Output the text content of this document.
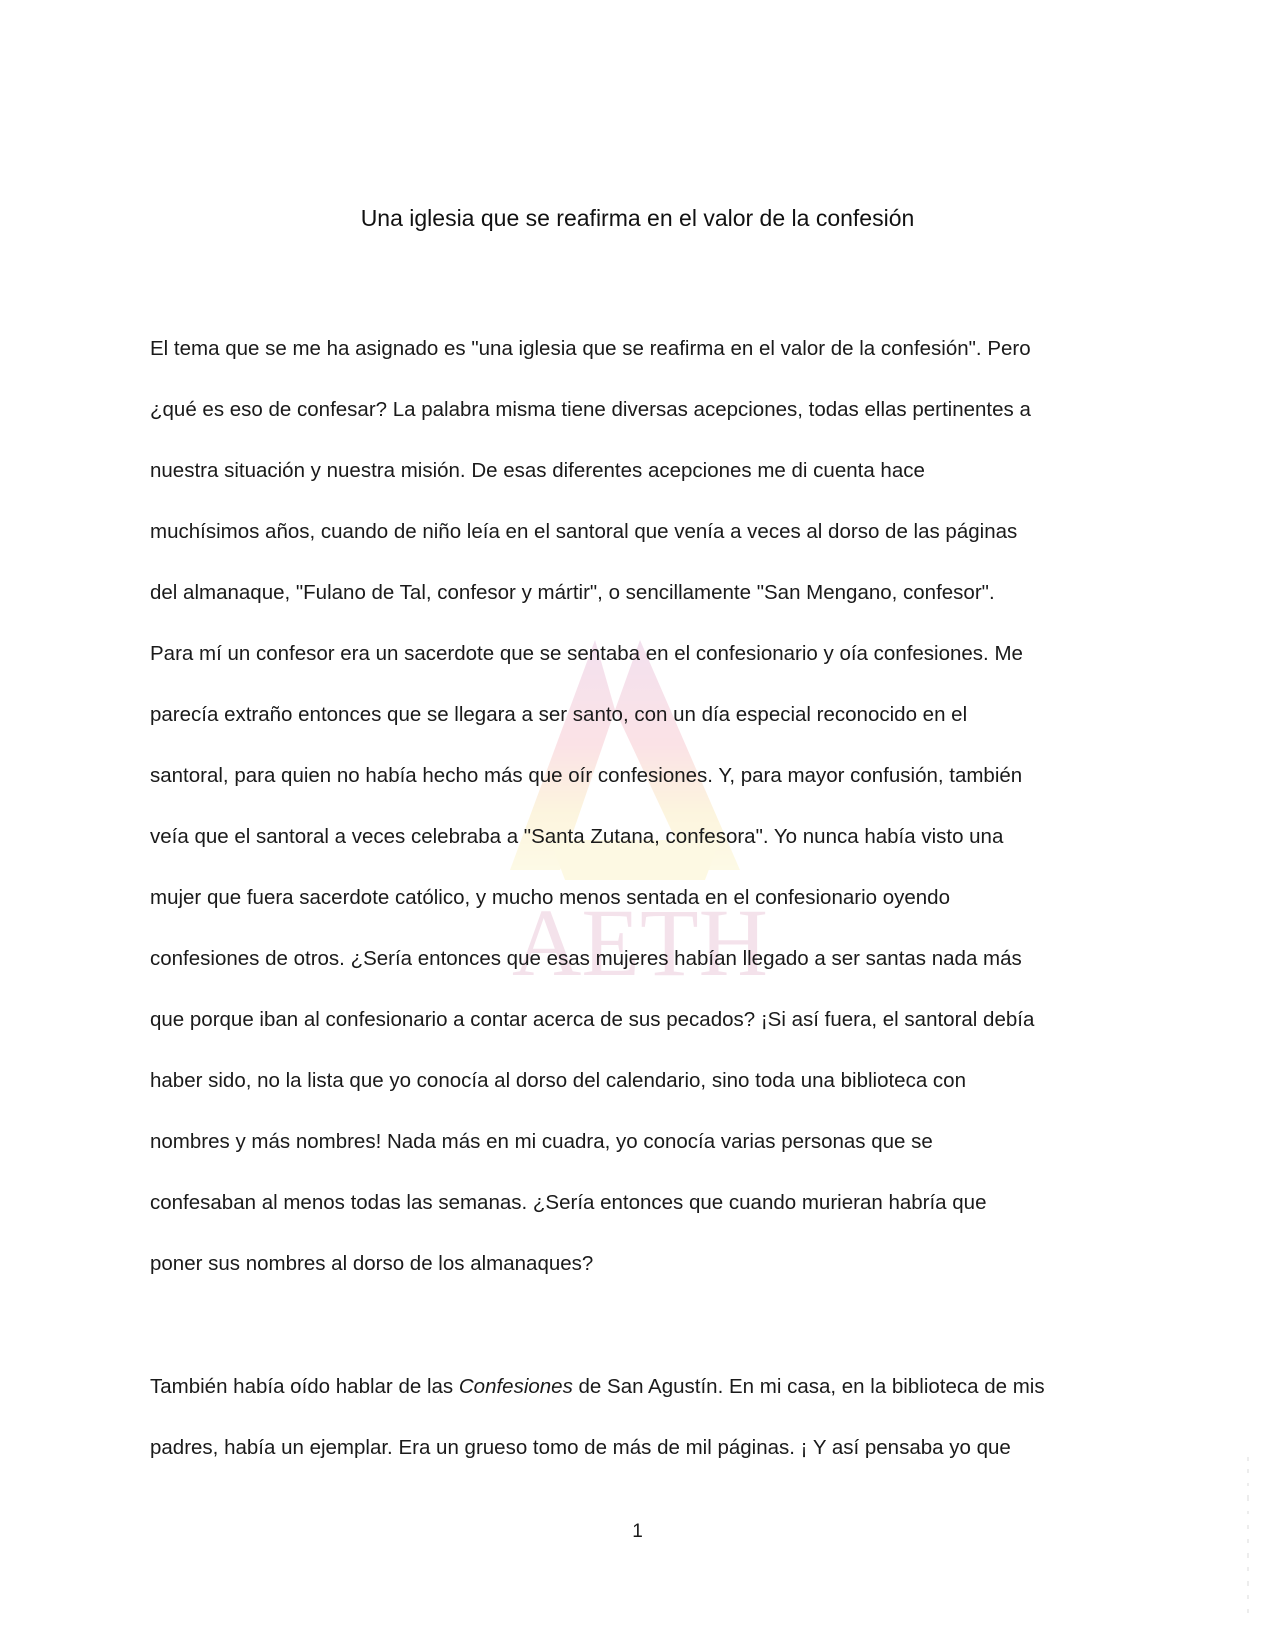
AETH
Una iglesia que se reafirma en el valor de la confesión
El tema que se me ha asignado es "una iglesia que se reafirma en el valor de la confesión". Pero
¿qué es eso de confesar? La palabra misma tiene diversas acepciones, todas ellas pertinentes a
nuestra situación y nuestra misión. De esas diferentes acepciones me di cuenta hace
muchísimos años, cuando de niño leía en el santoral que venía a veces al dorso de las páginas
del almanaque, "Fulano de Tal, confesor y mártir", o sencillamente "San Mengano, confesor".
Para mí un confesor era un sacerdote que se sentaba en el confesionario y oía confesiones. Me
parecía extraño entonces que se llegara a ser santo, con un día especial reconocido en el
santoral, para quien no había hecho más que oír confesiones. Y, para mayor confusión, también
veía que el santoral a veces celebraba a "Santa Zutana, confesora". Yo nunca había visto una
mujer que fuera sacerdote católico, y mucho menos sentada en el confesionario oyendo
confesiones de otros. ¿Sería entonces que esas mujeres habían llegado a ser santas nada más
que porque iban al confesionario a contar acerca de sus pecados? ¡Si así fuera, el santoral debía
haber sido, no la lista que yo conocía al dorso del calendario, sino toda una biblioteca con
nombres y más nombres! Nada más en mi cuadra, yo conocía varias personas que se
confesaban al menos todas las semanas. ¿Sería entonces que cuando murieran habría que
poner sus nombres al dorso de los almanaques?
También había oído hablar de las Confesiones de San Agustín. En mi casa, en la biblioteca de mis
padres, había un ejemplar. Era un grueso tomo de más de mil páginas. ¡ Y así pensaba yo que
1
